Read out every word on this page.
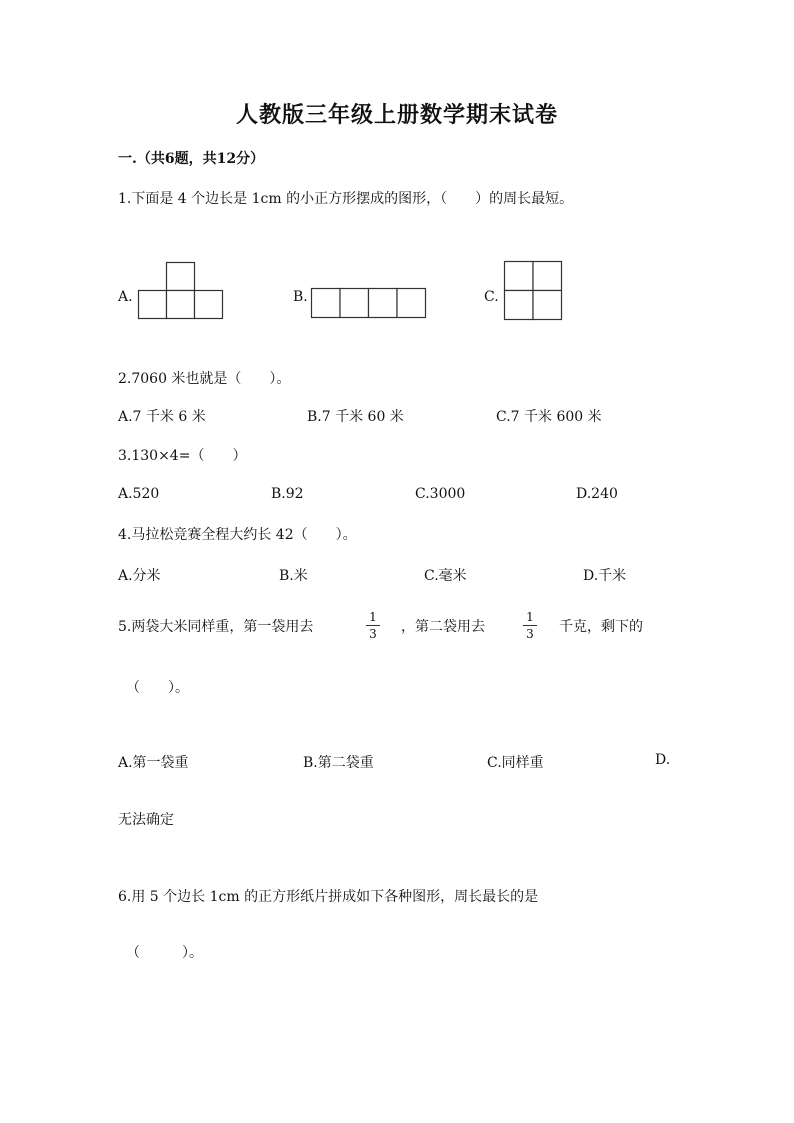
人教版三年级上册数学期末试卷
一.（共6题，共12分）
1.下面是 4 个边长是 1cm 的小正方形摆成的图形，（　　）的周长最短。
A.	B.	C.
2.7060 米也就是（　　）。
A.7 千米 6 米	B.7 千米 60 米	C.7 千米 600 米
3.130×4=（　　）
A.520	B.92	C.3000	D.240
4.马拉松竞赛全程大约长 42（　　）。
A.分米	B.米	C.毫米	D.千米
5.两袋大米同样重，第一袋用去
1
3 ，第二袋用去
1
3 千克，剩下的
（　　）。
A.第一袋重	B.第二袋重	C.同样重	D.
无法确定
6.用 5 个边长 1cm 的正方形纸片拼成如下各种图形，周长最长的是
（　　　）。
